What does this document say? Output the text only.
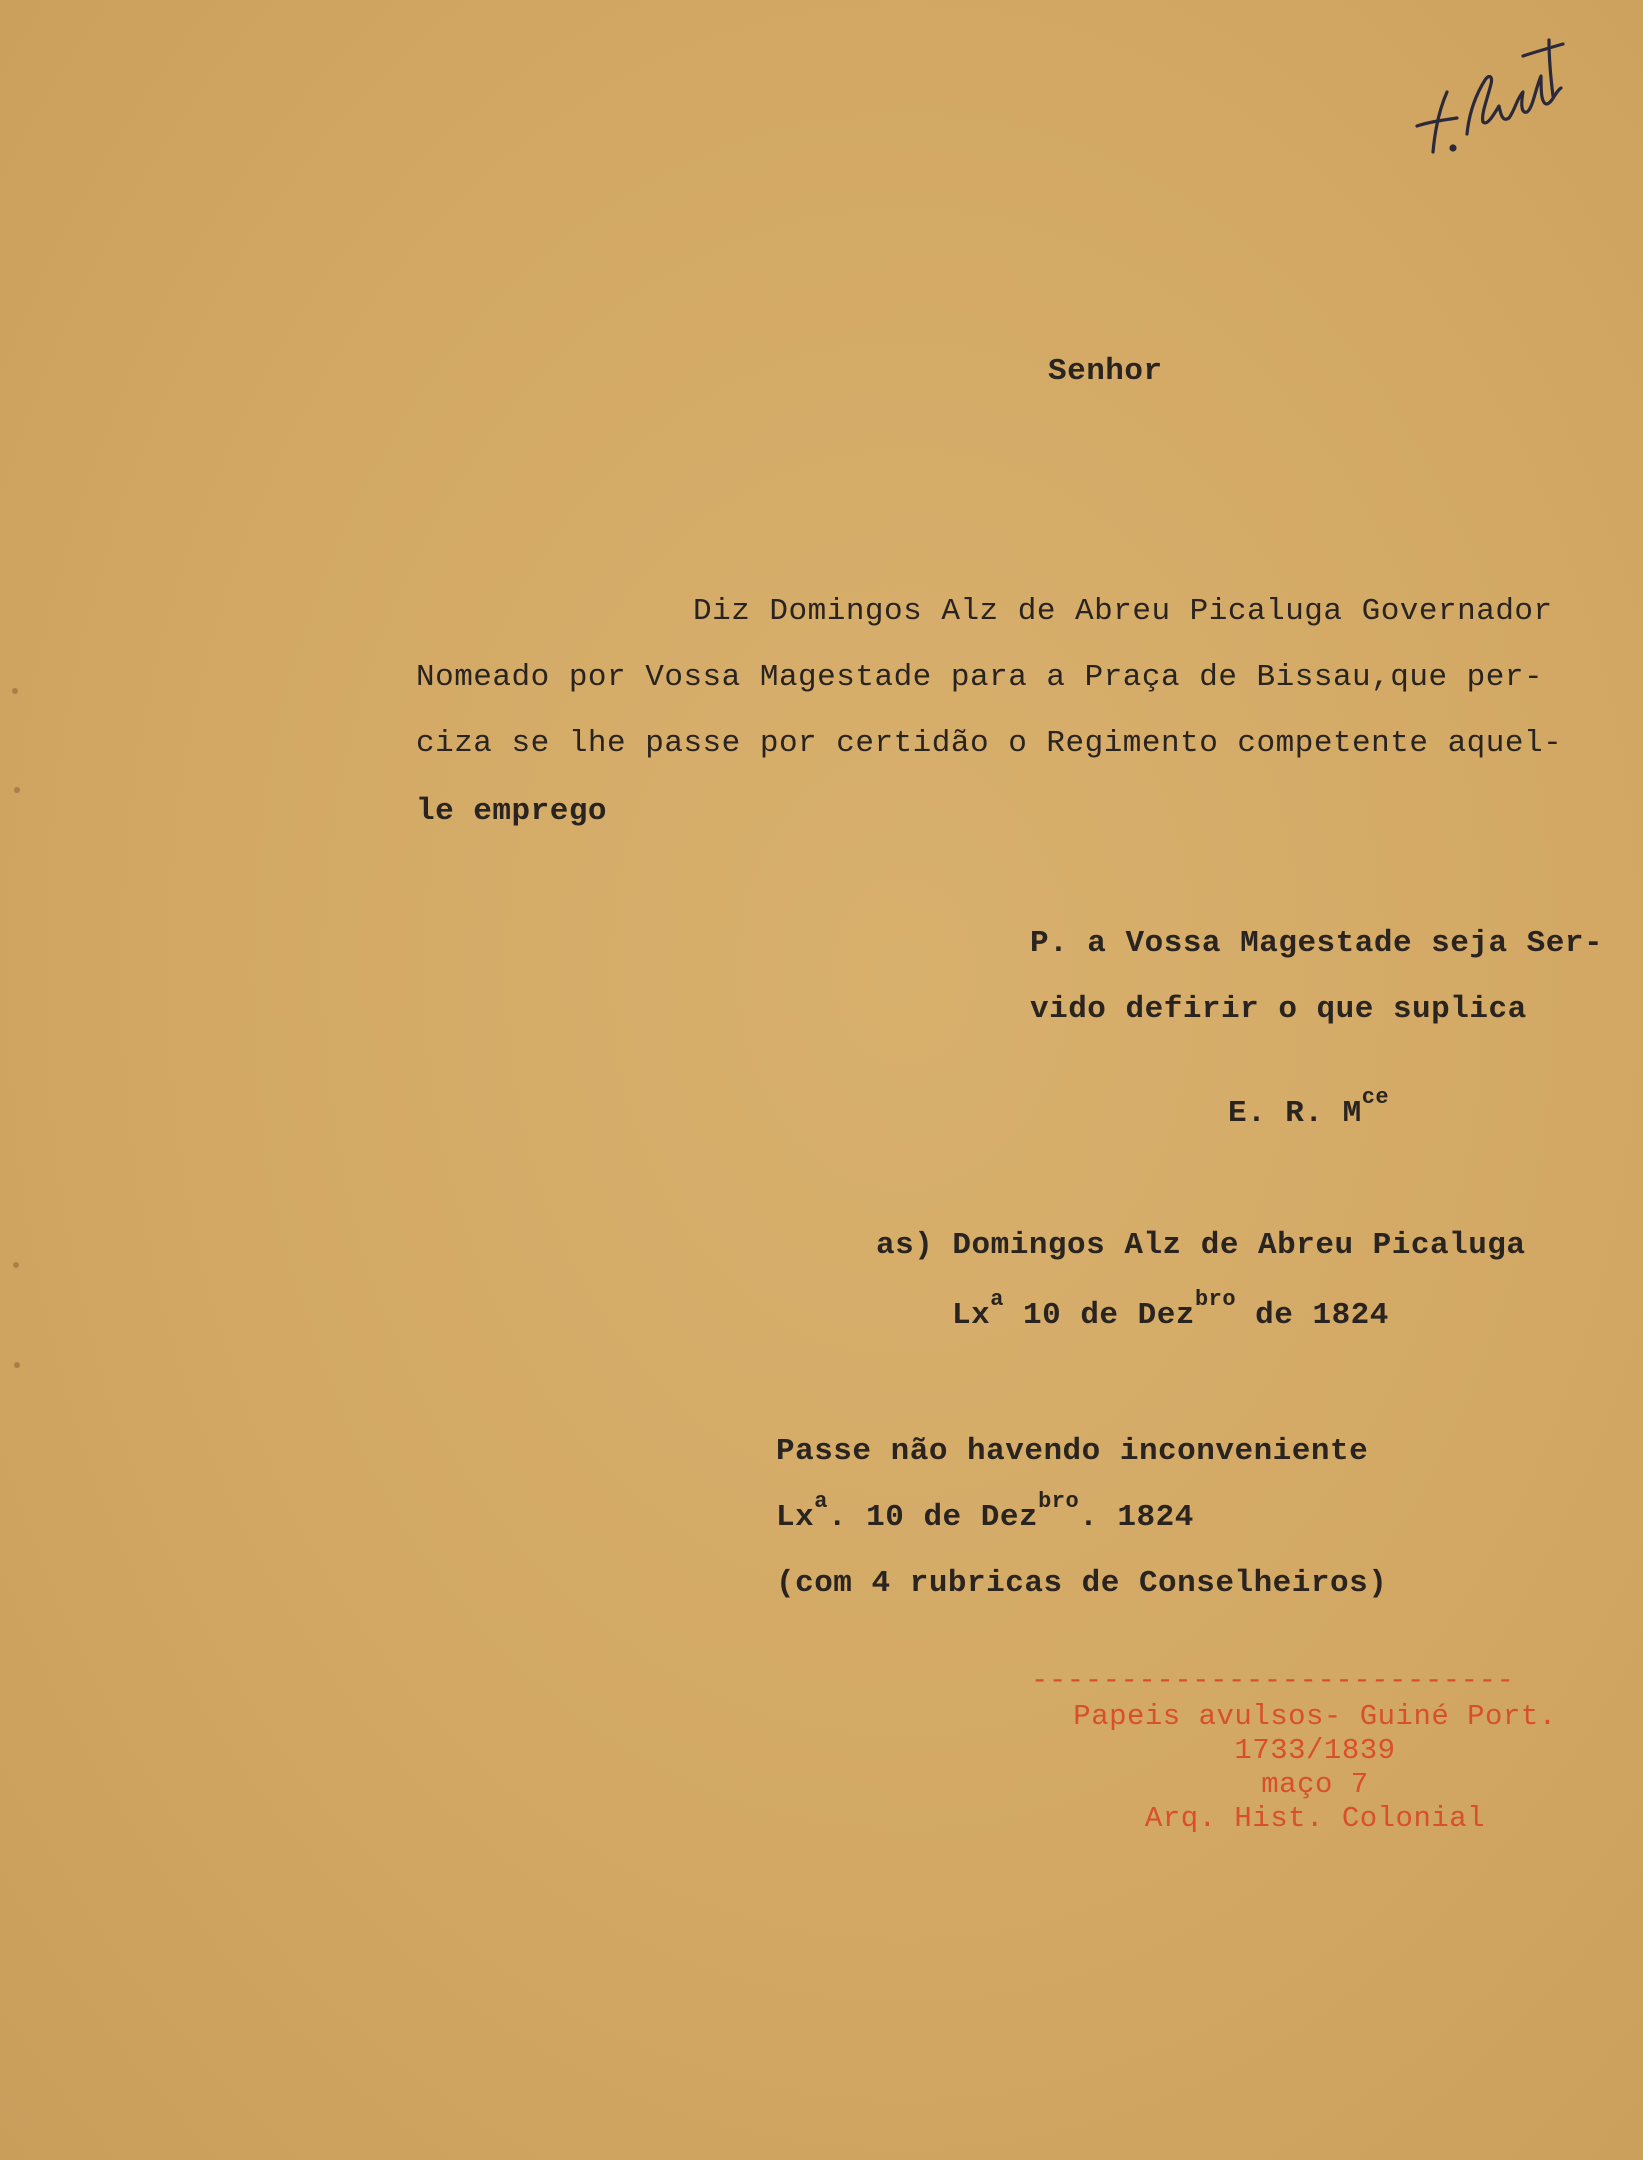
Senhor
Diz Domingos Alz de Abreu Picaluga Governador
Nomeado por Vossa Magestade para a Praça de Bissau,que per-
ciza se lhe passe por certidão o Regimento competente aquel-
le emprego
P. a Vossa Magestade seja Ser-
vido defirir o que suplica
E. R. $M^{ce}$
as) Domingos Alz de Abreu Picaluga
Lx$^a$ 10 de Dez$^{bro}$ de 1824
Passe não havendo inconveniente
Lx$^a$. 10 de Dez$^{bro}$. 1824
(com 4 rubricas de Conselheiros)
---------------------------
Papeis avulsos- Guiné Port.
1733/1839
maço 7
Arq. Hist. Colonial
